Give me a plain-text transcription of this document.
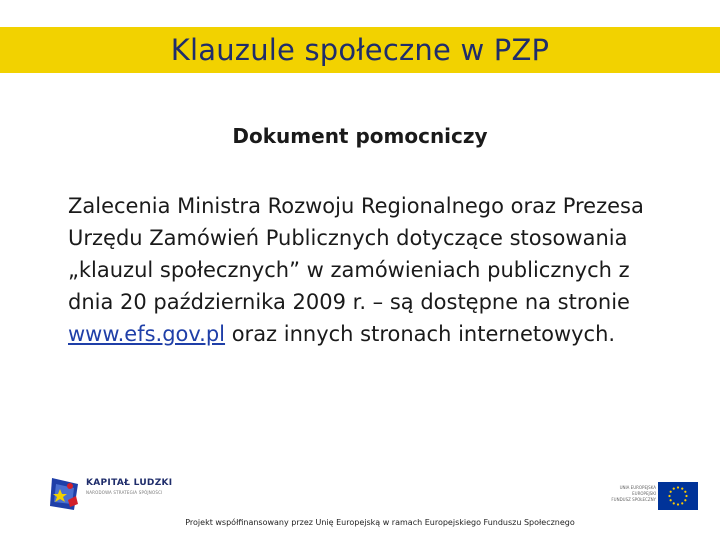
Klauzule społeczne w PZP
Dokument pomocniczy
Zalecenia Ministra Rozwoju Regionalnego oraz Prezesa Urzędu Zamówień Publicznych dotyczące stosowania „klauzul społecznych” w zamówieniach publicznych z dnia 20 października 2009 r. – są dostępne na stronie www.efs.gov.pl oraz innych stronach internetowych.
KAPITAŁ LUDZKI
NARODOWA STRATEGIA SPÓJNOŚCI
UNIA EUROPEJSKA
EUROPEJSKI
FUNDUSZ SPOŁECZNY
Projekt współfinansowany przez Unię Europejską w ramach Europejskiego Funduszu Społecznego
